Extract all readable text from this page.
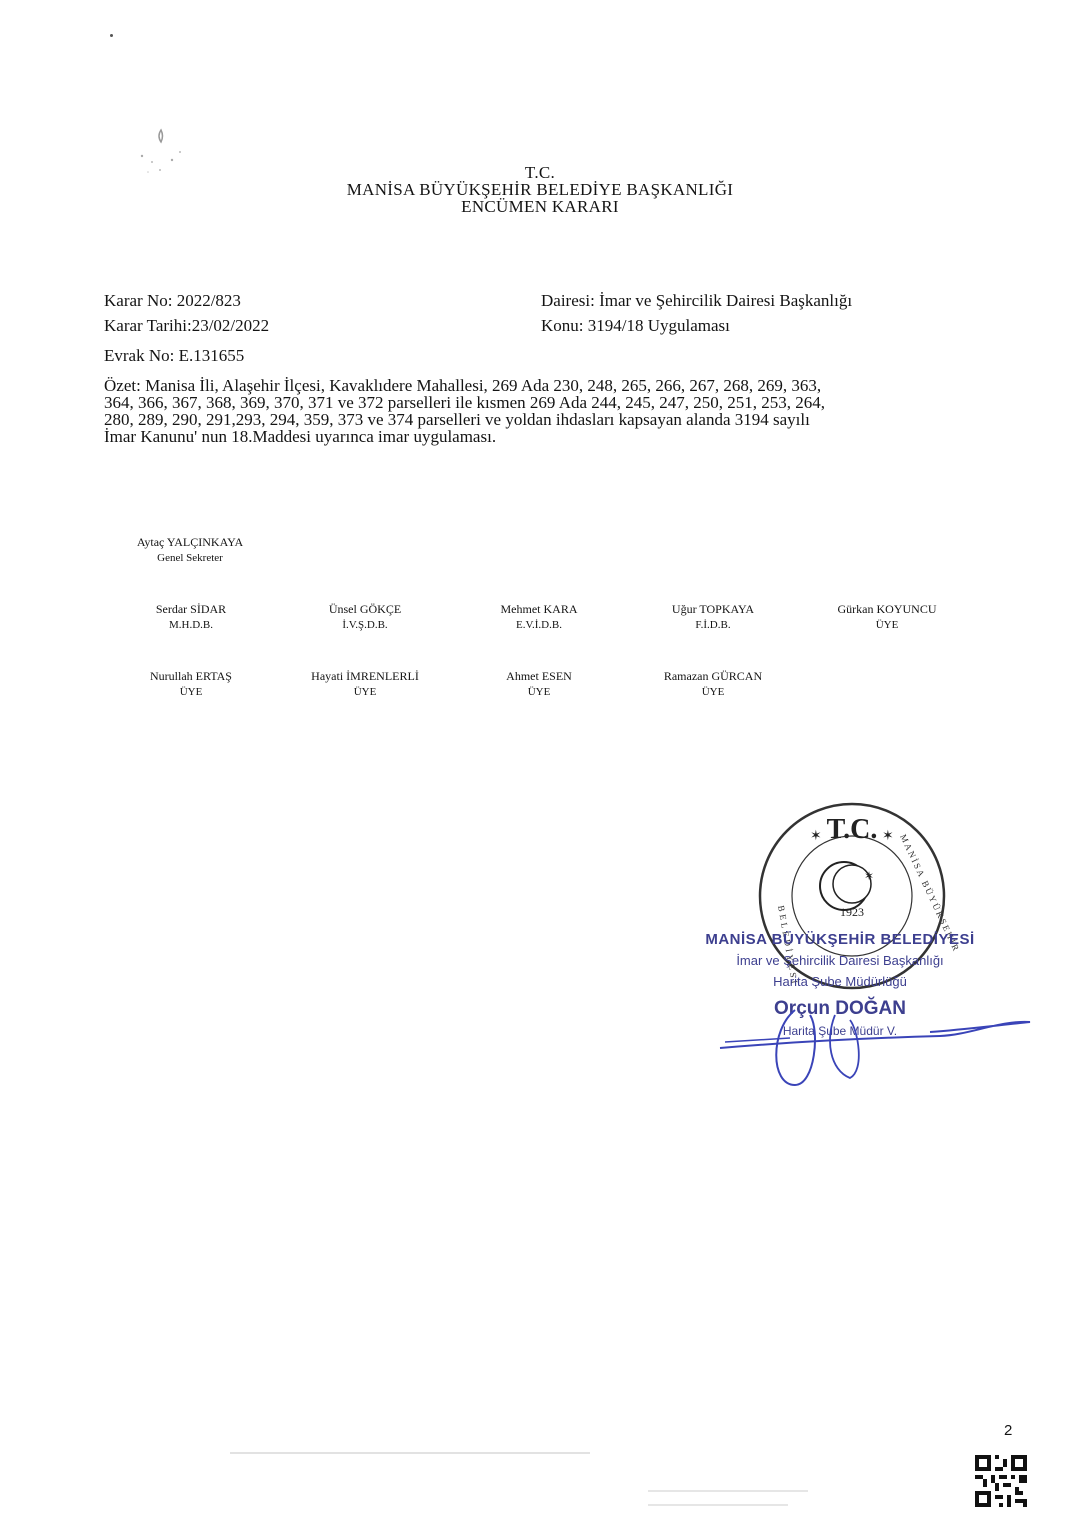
T.C.
MANİSA BÜYÜKŞEHİR BELEDİYE BAŞKANLIĞI
ENCÜMEN KARARI
Karar No: 2022/823
Karar Tarihi:23/02/2022
Evrak No: E.131655
Dairesi: İmar ve Şehircilik Dairesi Başkanlığı
Konu: 3194/18 Uygulaması
Özet: Manisa İli, Alaşehir İlçesi, Kavaklıdere Mahallesi, 269 Ada 230, 248, 265, 266, 267, 268, 269, 363,
364, 366, 367, 368, 369, 370, 371 ve 372 parselleri ile kısmen 269 Ada 244, 245, 247, 250, 251, 253, 264,
280, 289, 290, 291,293, 294, 359, 373 ve 374 parselleri ve yoldan ihdasları kapsayan alanda 3194 sayılı
İmar Kanunu' nun 18.Maddesi uyarınca imar uygulaması.
Aytaç YALÇINKAYA
Genel Sekreter
Serdar SİDAR
M.H.D.B.
Ünsel GÖKÇE
İ.V.Ş.D.B.
Mehmet KARA
E.V.İ.D.B.
Uğur TOPKAYA
F.İ.D.B.
Gürkan KOYUNCU
ÜYE
Nurullah ERTAŞ
ÜYE
Hayati İMRENLERLİ
ÜYE
Ahmet ESEN
ÜYE
Ramazan GÜRCAN
ÜYE
T.C.
✶	✶
✶
1923
BELEDİYESİ	MANİSA BÜYÜKŞEHİR
MANİSA BÜYÜKŞEHİR BELEDİYESİ
İmar ve Şehircilik Dairesi Başkanlığı
Harita Şube Müdürlüğü
Orçun DOĞAN
Harita Şube Müdür V.
2
